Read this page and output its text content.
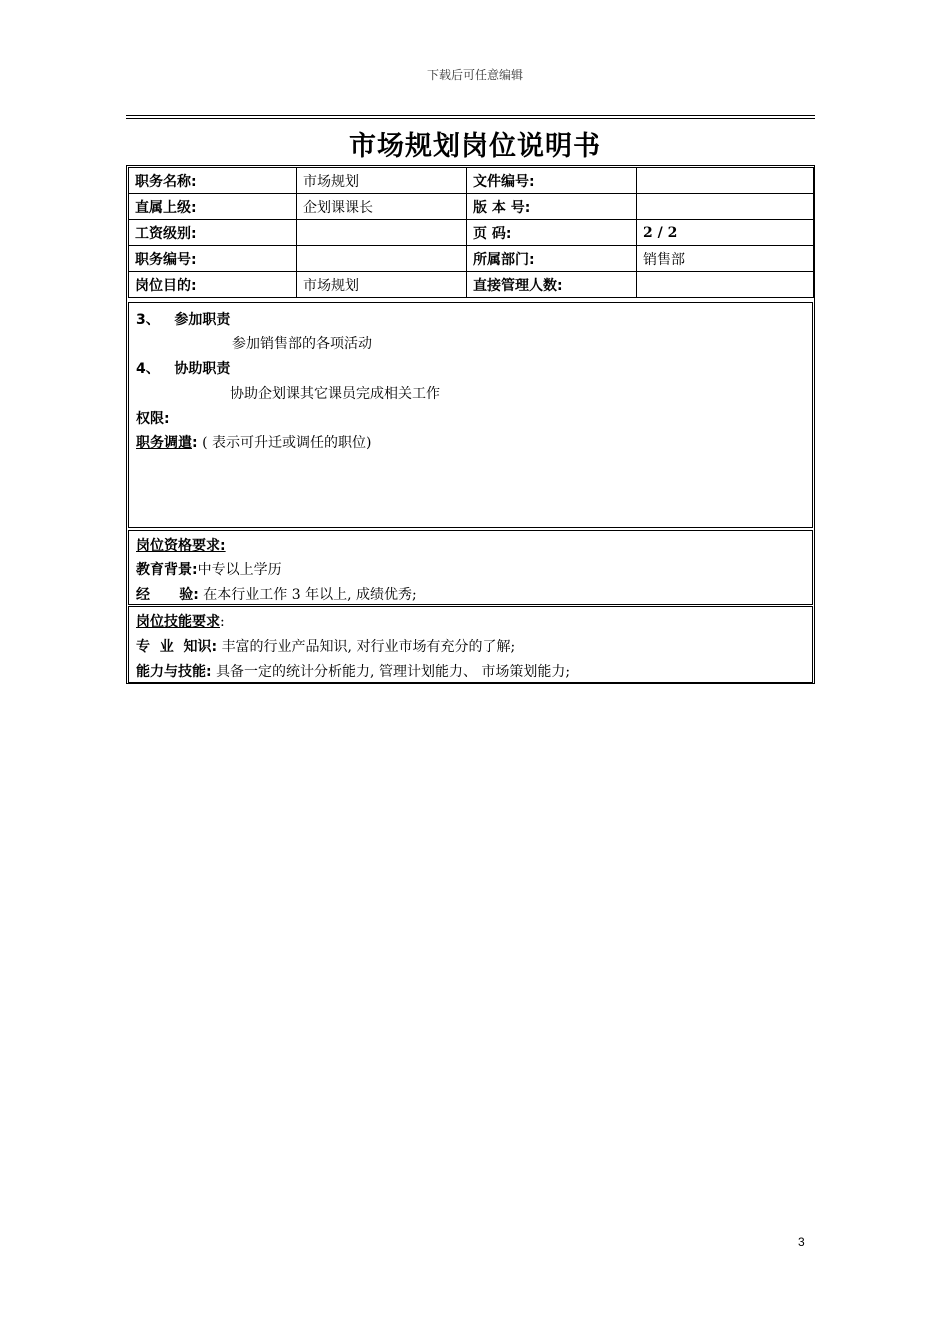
下载后可任意编辑
市场规划岗位说明书
职务名称:	市场规划	文件编号:	
直属上级:	企划课课长	版 本 号:	
工资级别:		页 码:	2 / 2
职务编号:		所属部门:	销售部
岗位目的:	市场规划	直接管理人数:	
3、 参加职责
参加销售部的各项活动
4、 协助职责
协助企划课其它课员完成相关工作
权限:
职务调遣: ( 表示可升迁或调任的职位)
岗位资格要求:
教育背景:中专以上学历
经      验: 在本行业工作 3 年以上, 成绩优秀;
岗位技能要求:
专  业  知识: 丰富的行业产品知识, 对行业市场有充分的了解;
能力与技能: 具备一定的统计分析能力, 管理计划能力、 市场策划能力;
3
